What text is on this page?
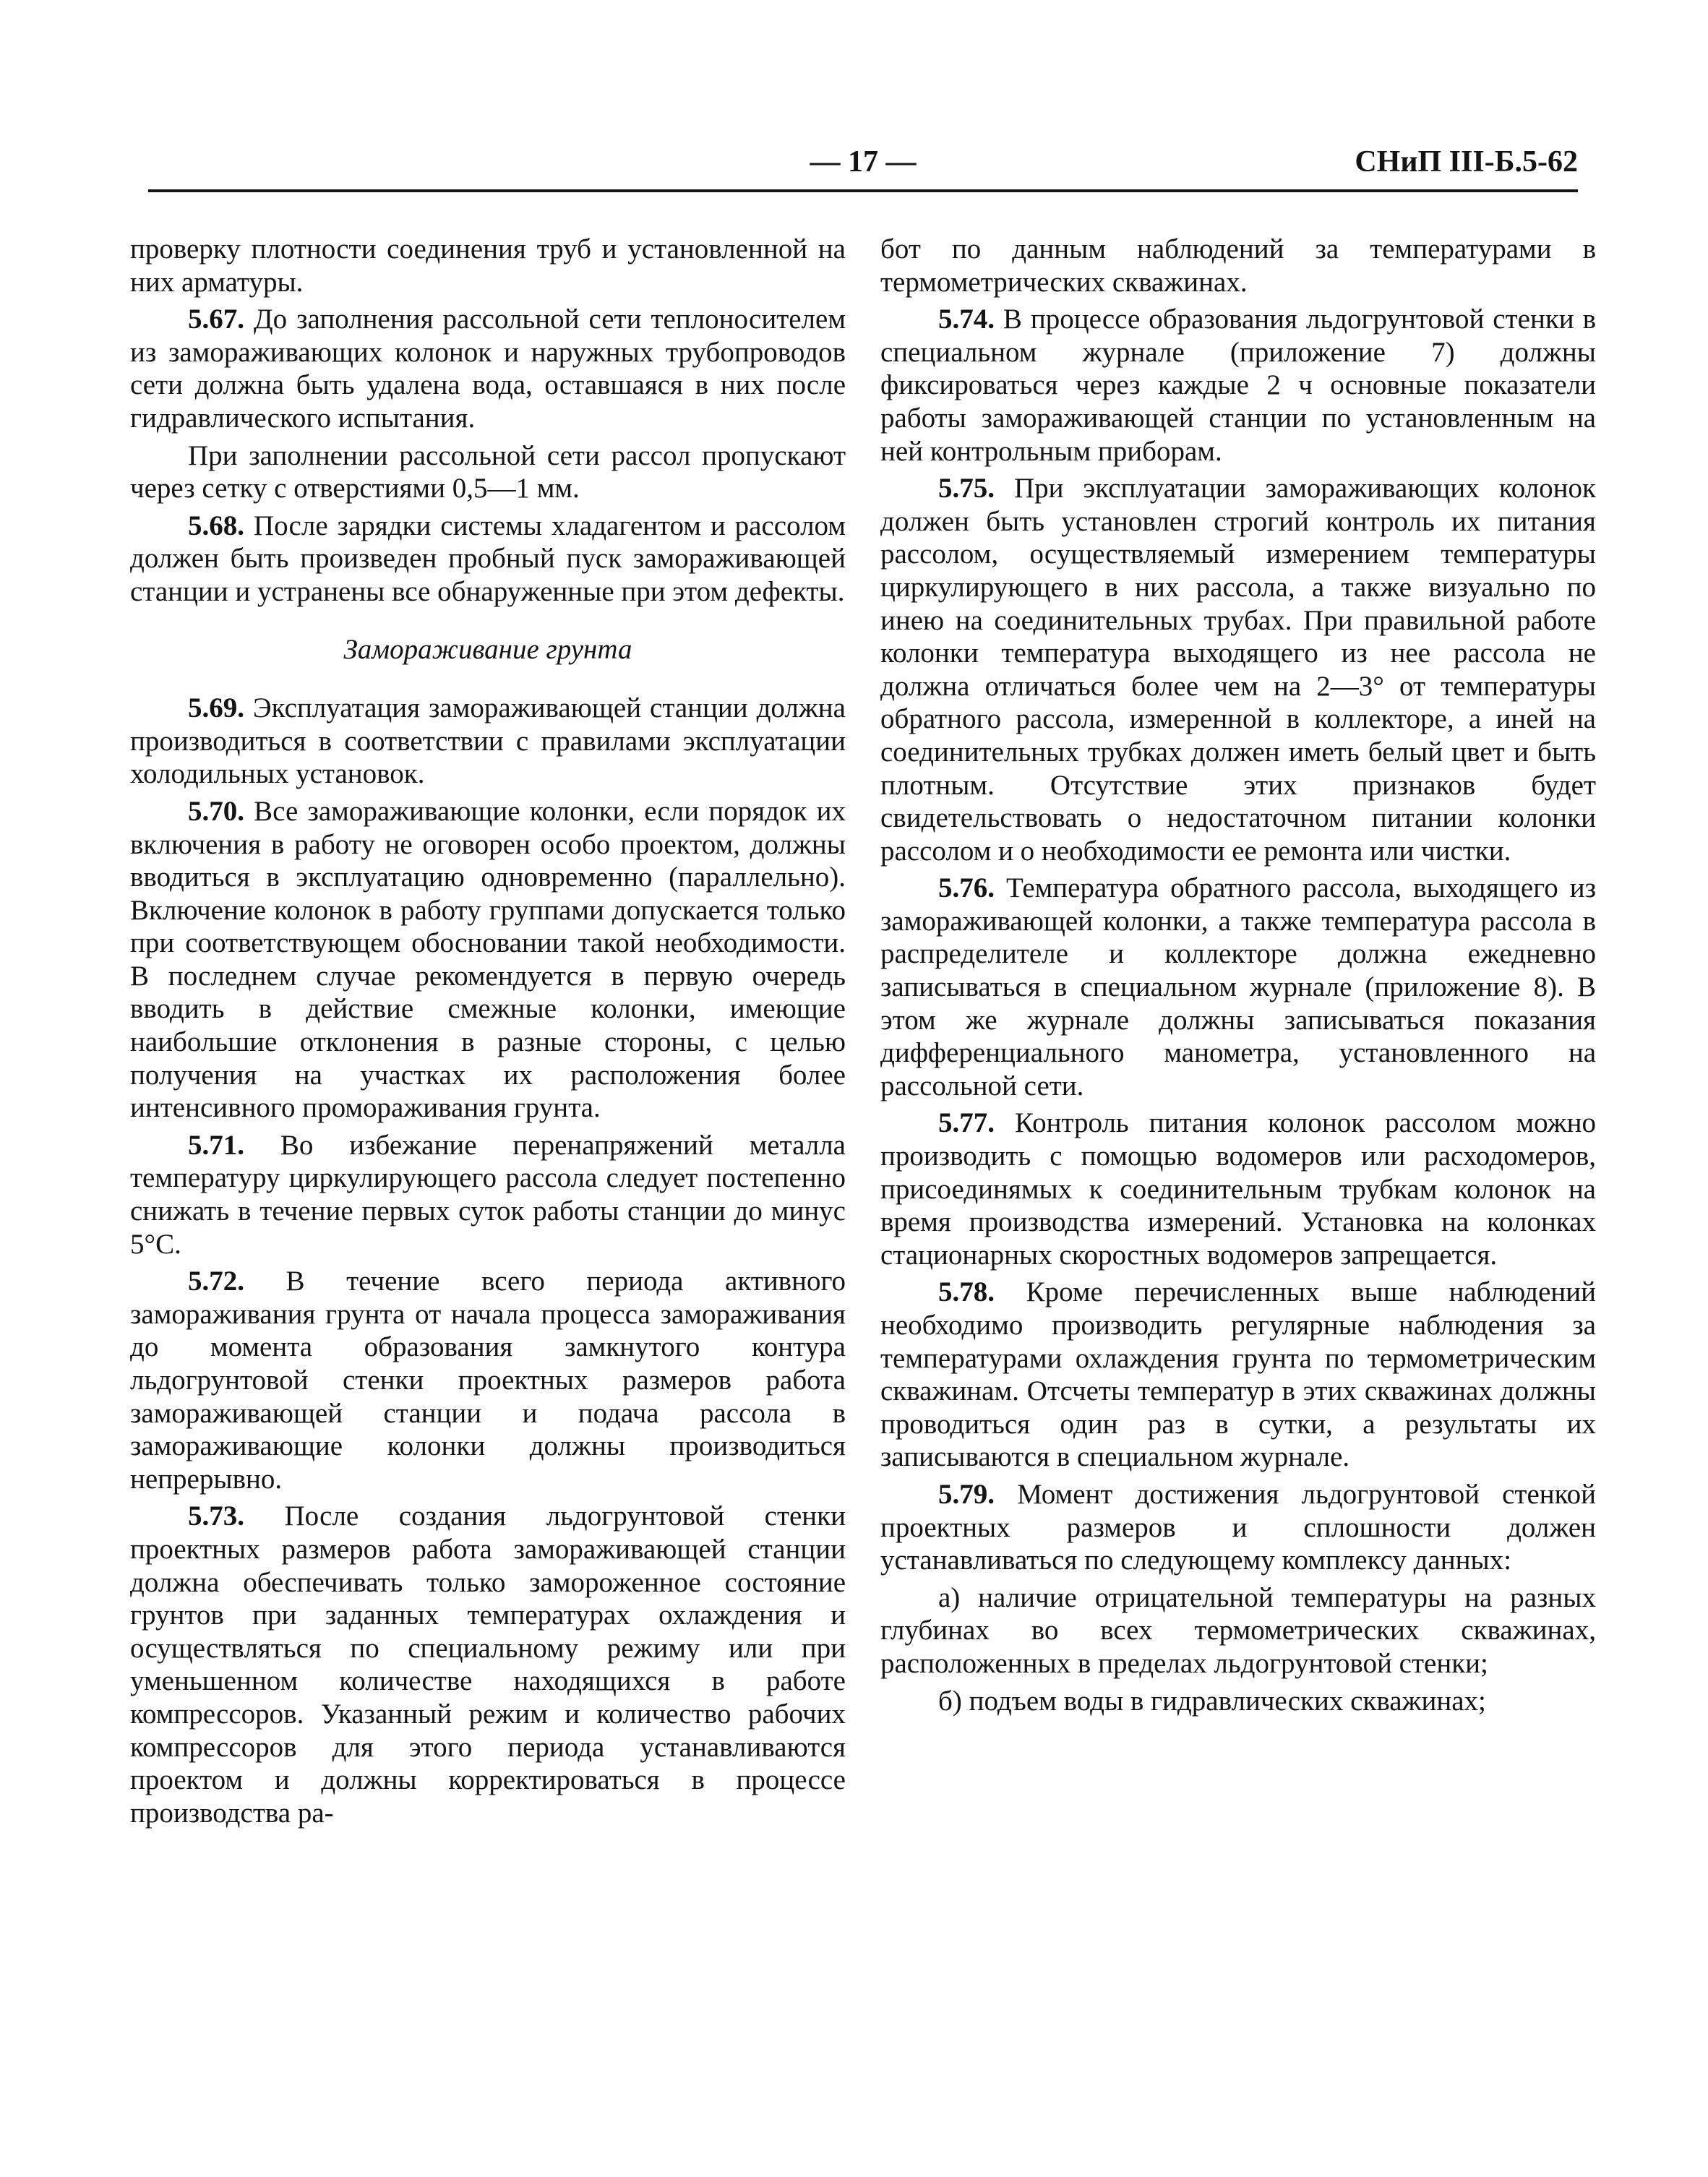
— 17 —	СНиП III-Б.5-62

проверку плотности соединения труб и установленной на них арматуры.

5.67. До заполнения рассольной сети теплоносителем из замораживающих колонок и наружных трубопроводов сети должна быть удалена вода, оставшаяся в них после гидравлического испытания.

При заполнении рассольной сети рассол пропускают через сетку с отверстиями 0,5—1 мм.

5.68. После зарядки системы хладагентом и рассолом должен быть произведен пробный пуск замораживающей станции и устранены все обнаруженные при этом дефекты.

Замораживание грунта

5.69. Эксплуатация замораживающей станции должна производиться в соответствии с правилами эксплуатации холодильных установок.

5.70. Все замораживающие колонки, если порядок их включения в работу не оговорен особо проектом, должны вводиться в эксплуатацию одновременно (параллельно). Включение колонок в работу группами допускается только при соответствующем обосновании такой необходимости. В последнем случае рекомендуется в первую очередь вводить в действие смежные колонки, имеющие наибольшие отклонения в разные стороны, с целью получения на участках их расположения более интенсивного промораживания грунта.

5.71. Во избежание перенапряжений металла температуру циркулирующего рассола следует постепенно снижать в течение первых суток работы станции до минус 5°C.

5.72. В течение всего периода активного замораживания грунта от начала процесса замораживания до момента образования замкнутого контура льдогрунтовой стенки проектных размеров работа замораживающей станции и подача рассола в замораживающие колонки должны производиться непрерывно.

5.73. После создания льдогрунтовой стенки проектных размеров работа замораживающей станции должна обеспечивать только замороженное состояние грунтов при заданных температурах охлаждения и осуществляться по специальному режиму или при уменьшенном количестве находящихся в работе компрессоров. Указанный режим и количество рабочих компрессоров для этого периода устанавливаются проектом и должны корректироваться в процессе производства ра-

бот по данным наблюдений за температурами в термометрических скважинах.

5.74. В процессе образования льдогрунтовой стенки в специальном журнале (приложение 7) должны фиксироваться через каждые 2 ч основные показатели работы замораживающей станции по установленным на ней контрольным приборам.

5.75. При эксплуатации замораживающих колонок должен быть установлен строгий контроль их питания рассолом, осуществляемый измерением температуры циркулирующего в них рассола, а также визуально по инею на соединительных трубах. При правильной работе колонки температура выходящего из нее рассола не должна отличаться более чем на 2—3° от температуры обратного рассола, измеренной в коллекторе, а иней на соединительных трубках должен иметь белый цвет и быть плотным. Отсутствие этих признаков будет свидетельствовать о недостаточном питании колонки рассолом и о необходимости ее ремонта или чистки.

5.76. Температура обратного рассола, выходящего из замораживающей колонки, а также температура рассола в распределителе и коллекторе должна ежедневно записываться в специальном журнале (приложение 8). В этом же журнале должны записываться показания дифференциального манометра, установленного на рассольной сети.

5.77. Контроль питания колонок рассолом можно производить с помощью водомеров или расходомеров, присоединямых к соединительным трубкам колонок на время производства измерений. Установка на колонках стационарных скоростных водомеров запрещается.

5.78. Кроме перечисленных выше наблюдений необходимо производить регулярные наблюдения за температурами охлаждения грунта по термометрическим скважинам. Отсчеты температур в этих скважинах должны проводиться один раз в сутки, а результаты их записываются в специальном журнале.

5.79. Момент достижения льдогрунтовой стенкой проектных размеров и сплошности должен устанавливаться по следующему комплексу данных:

а) наличие отрицательной температуры на разных глубинах во всех термометрических скважинах, расположенных в пределах льдогрунтовой стенки;

б) подъем воды в гидравлических скважинах;
